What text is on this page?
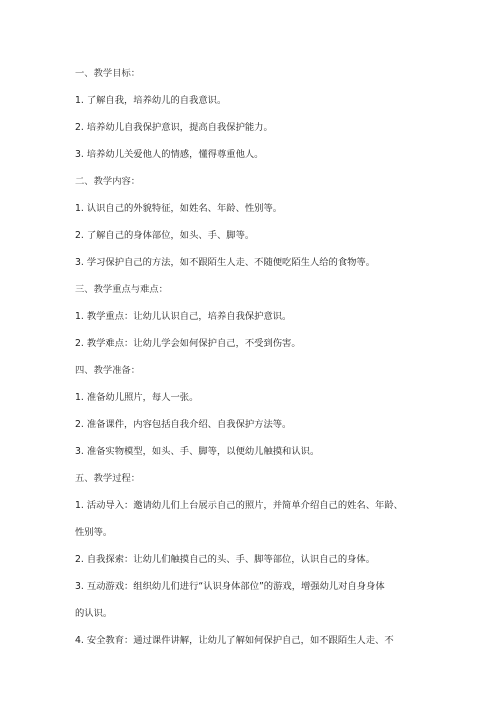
一、教学目标：
1. 了解自我，培养幼儿的自我意识。
2. 培养幼儿自我保护意识，提高自我保护能力。
3. 培养幼儿关爱他人的情感，懂得尊重他人。
二、教学内容：
1. 认识自己的外貌特征，如姓名、年龄、性别等。
2. 了解自己的身体部位，如头、手、脚等。
3. 学习保护自己的方法，如不跟陌生人走、不随便吃陌生人给的食物等。
三、教学重点与难点：
1. 教学重点：让幼儿认识自己，培养自我保护意识。
2. 教学难点：让幼儿学会如何保护自己，不受到伤害。
四、教学准备：
1. 准备幼儿照片，每人一张。
2. 准备课件，内容包括自我介绍、自我保护方法等。
3. 准备实物模型，如头、手、脚等，以便幼儿触摸和认识。
五、教学过程：
1. 活动导入：邀请幼儿们上台展示自己的照片，并简单介绍自己的姓名、年龄、
性别等。
2. 自我探索：让幼儿们触摸自己的头、手、脚等部位，认识自己的身体。
3. 互动游戏：组织幼儿们进行“认识身体部位”的游戏，增强幼儿对自身身体
的认识。
4. 安全教育：通过课件讲解，让幼儿了解如何保护自己，如不跟陌生人走、不
